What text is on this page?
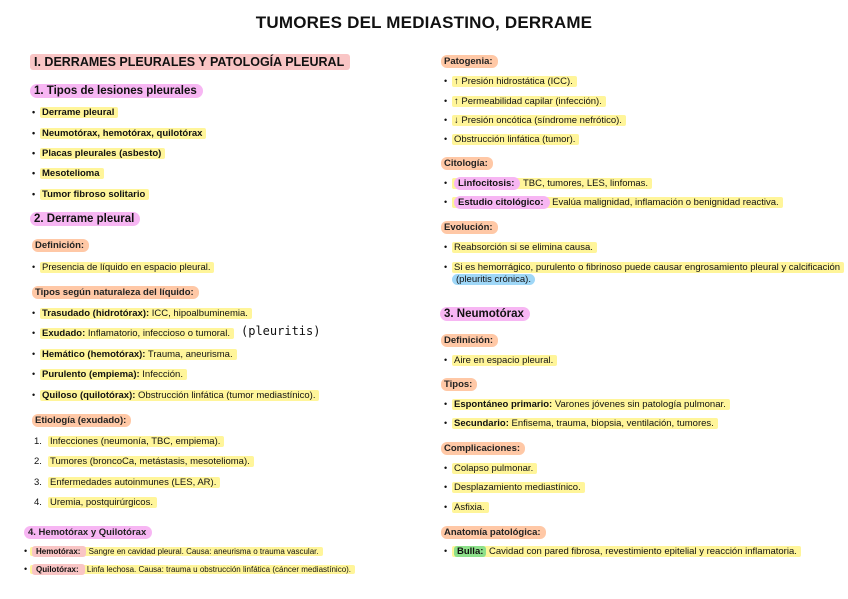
TUMORES DEL MEDIASTINO, DERRAME
I. DERRAMES PLEURALES Y PATOLOGÍA PLEURAL
1. Tipos de lesiones pleurales
• Derrame pleural
• Neumotórax, hemotórax, quilotórax
• Placas pleurales (asbesto)
• Mesotelioma
• Tumor fibroso solitario
2. Derrame pleural
Definición:
• Presencia de líquido en espacio pleural.
Tipos según naturaleza del líquido:
• Trasudado (hidrotórax): ICC, hipoalbuminemia.
• Exudado: Inflamatorio, infeccioso o tumoral. (pleuritis)
• Hemático (hemotórax): Trauma, aneurisma.
• Purulento (empiema): Infección.
• Quiloso (quilotórax): Obstrucción linfática (tumor mediastínico).
Etiología (exudado):
1. Infecciones (neumonía, TBC, empiema).
2. Tumores (broncoCa, metástasis, mesotelioma).
3. Enfermedades autoinmunes (LES, AR).
4. Uremia, postquirúrgicos.
4. Hemotórax y Quilotórax
• Hemotórax: Sangre en cavidad pleural. Causa: aneurisma o trauma vascular.
• Quilotórax: Linfa lechosa. Causa: trauma u obstrucción linfática (cáncer mediastínico).
Patogenia:
• ↑ Presión hidrostática (ICC).
• ↑ Permeabilidad capilar (infección).
• ↓ Presión oncótica (síndrome nefrótico).
• Obstrucción linfática (tumor).
Citología:
• Linfocitosis: TBC, tumores, LES, linfomas.
• Estudio citológico: Evalúa malignidad, inflamación o benignidad reactiva.
Evolución:
• Reabsorción si se elimina causa.
• Si es hemorrágico, purulento o fibrinoso puede causar engrosamiento pleural y calcificación
(pleuritis crónica).
3. Neumotórax
Definición:
• Aire en espacio pleural.
Tipos:
• Espontáneo primario: Varones jóvenes sin patología pulmonar.
• Secundario: Enfisema, trauma, biopsia, ventilación, tumores.
Complicaciones:
• Colapso pulmonar.
• Desplazamiento mediastínico.
• Asfixia.
Anatomía patológica:
• Bulla: Cavidad con pared fibrosa, revestimiento epitelial y reacción inflamatoria.
